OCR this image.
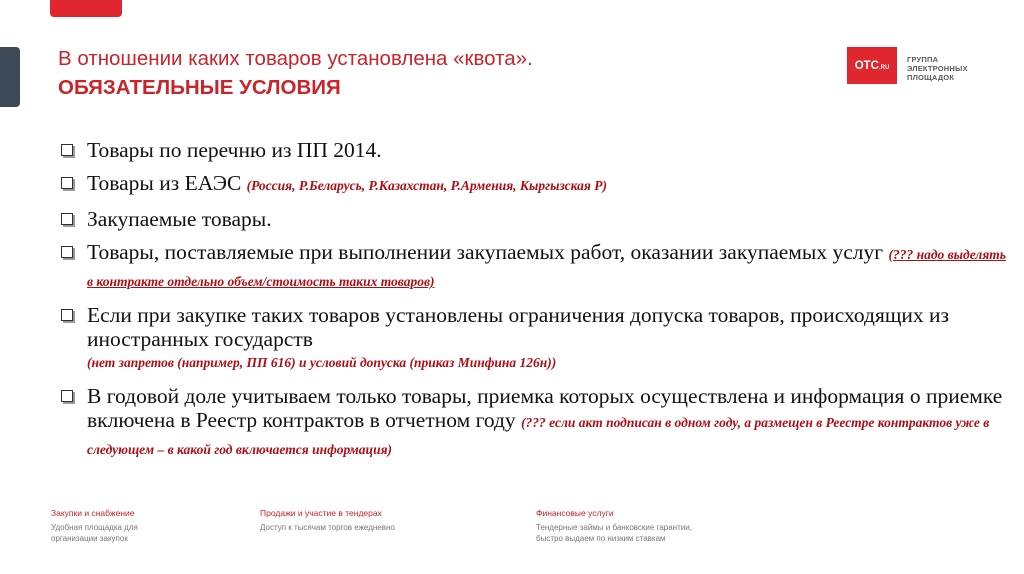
В отношении каких товаров установлена «квота».
ОБЯЗАТЕЛЬНЫЕ УСЛОВИЯ
ОТС.RU
ГРУППА
ЭЛЕКТРОННЫХ
ПЛОЩАДОК
Товары по перечню из ПП 2014.
Товары из ЕАЭС (Россия, Р.Беларусь, Р.Казахстан, Р.Армения, Кыргызская Р)
Закупаемые товары.
Товары, поставляемые при выполнении закупаемых работ, оказании закупаемых услуг (??? надо выделять в контракте отдельно объем/стоимость таких товаров)
Если при закупке таких товаров установлены ограничения допуска товаров, происходящих из иностранных государств
(нет запретов (например, ПП 616) и условий допуска (приказ Минфина 126н))
В годовой доле учитываем только товары, приемка которых осуществлена и информация о приемке включена в Реестр контрактов в отчетном году (??? если акт подписан в одном году, а размещен в Реестре контрактов уже в следующем – в какой год включается информация)
Закупки и снабжение
Удобная площадка для
организации закупок
Продажи и участие в тендерах
Доступ к тысячам торгов ежедневно
Финансовые услуги
Тендерные займы и банковские гарантии,
быстро выдаем по низким ставкам
